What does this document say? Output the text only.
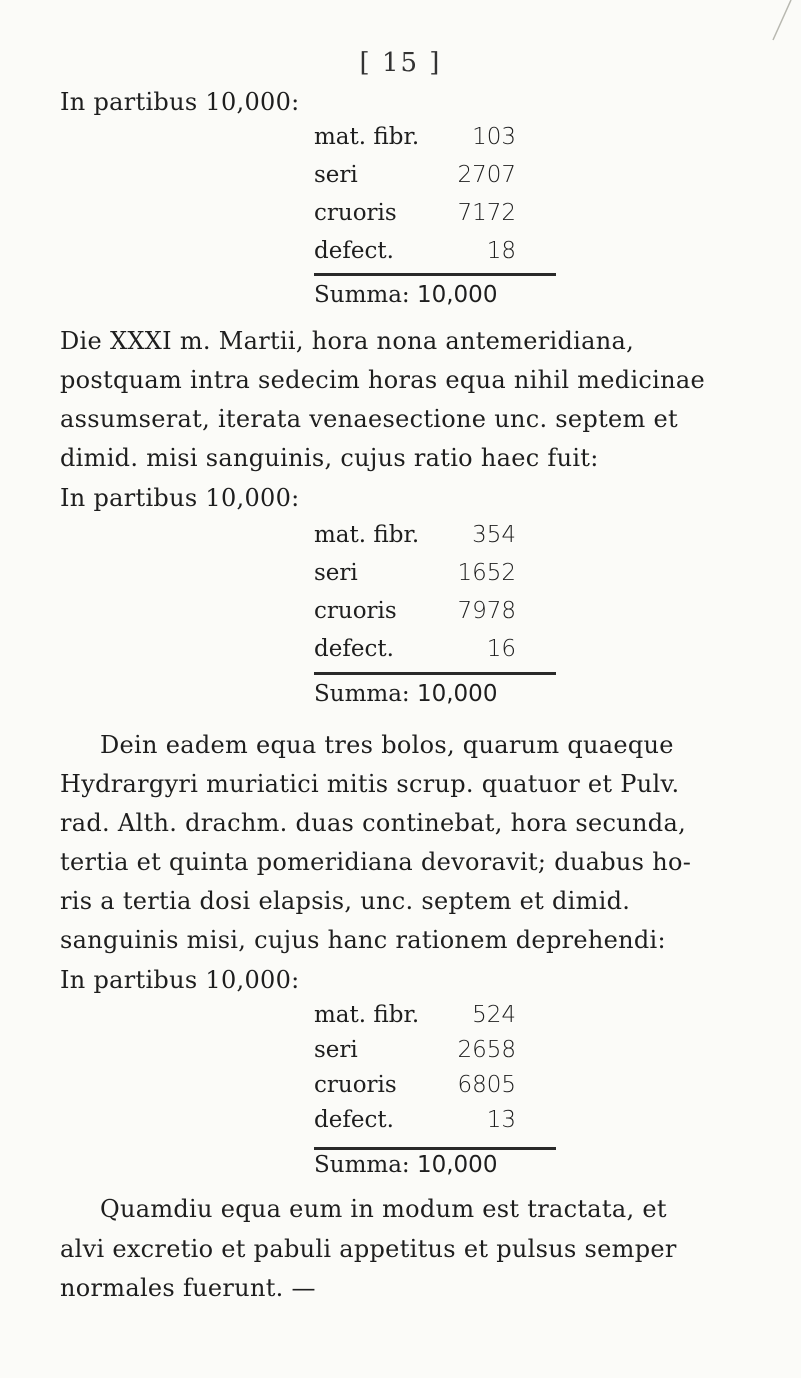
[ 15 ]
In partibus 10,000:
mat. fibr. 103
seri	2707
cruoris	7172
defect.	18
Summa: 10,000
Die XXXI m. Martii, hora nona antemeridiana,
postquam intra sedecim horas equa nihil medicinae
assumserat, iterata venaesectione unc. septem et
dimid. misi sanguinis, cujus ratio haec fuit:
In partibus 10,000:
mat. fibr. 354
seri	1652
cruoris	7978
defect.	16
Summa: 10,000
Dein eadem equa tres bolos, quarum quaeque
Hydrargyri muriatici mitis scrup. quatuor et Pulv.
rad. Alth. drachm. duas continebat, hora secunda,
tertia et quinta pomeridiana devoravit; duabus ho-
ris a tertia dosi elapsis, unc. septem et dimid.
sanguinis misi, cujus hanc rationem deprehendi:
In partibus 10,000:
mat. fibr. 524
seri	2658
cruoris	6805
defect.	13
Summa: 10,000
Quamdiu equa eum in modum est tractata, et
alvi excretio et pabuli appetitus et pulsus semper
normales fuerunt. —
